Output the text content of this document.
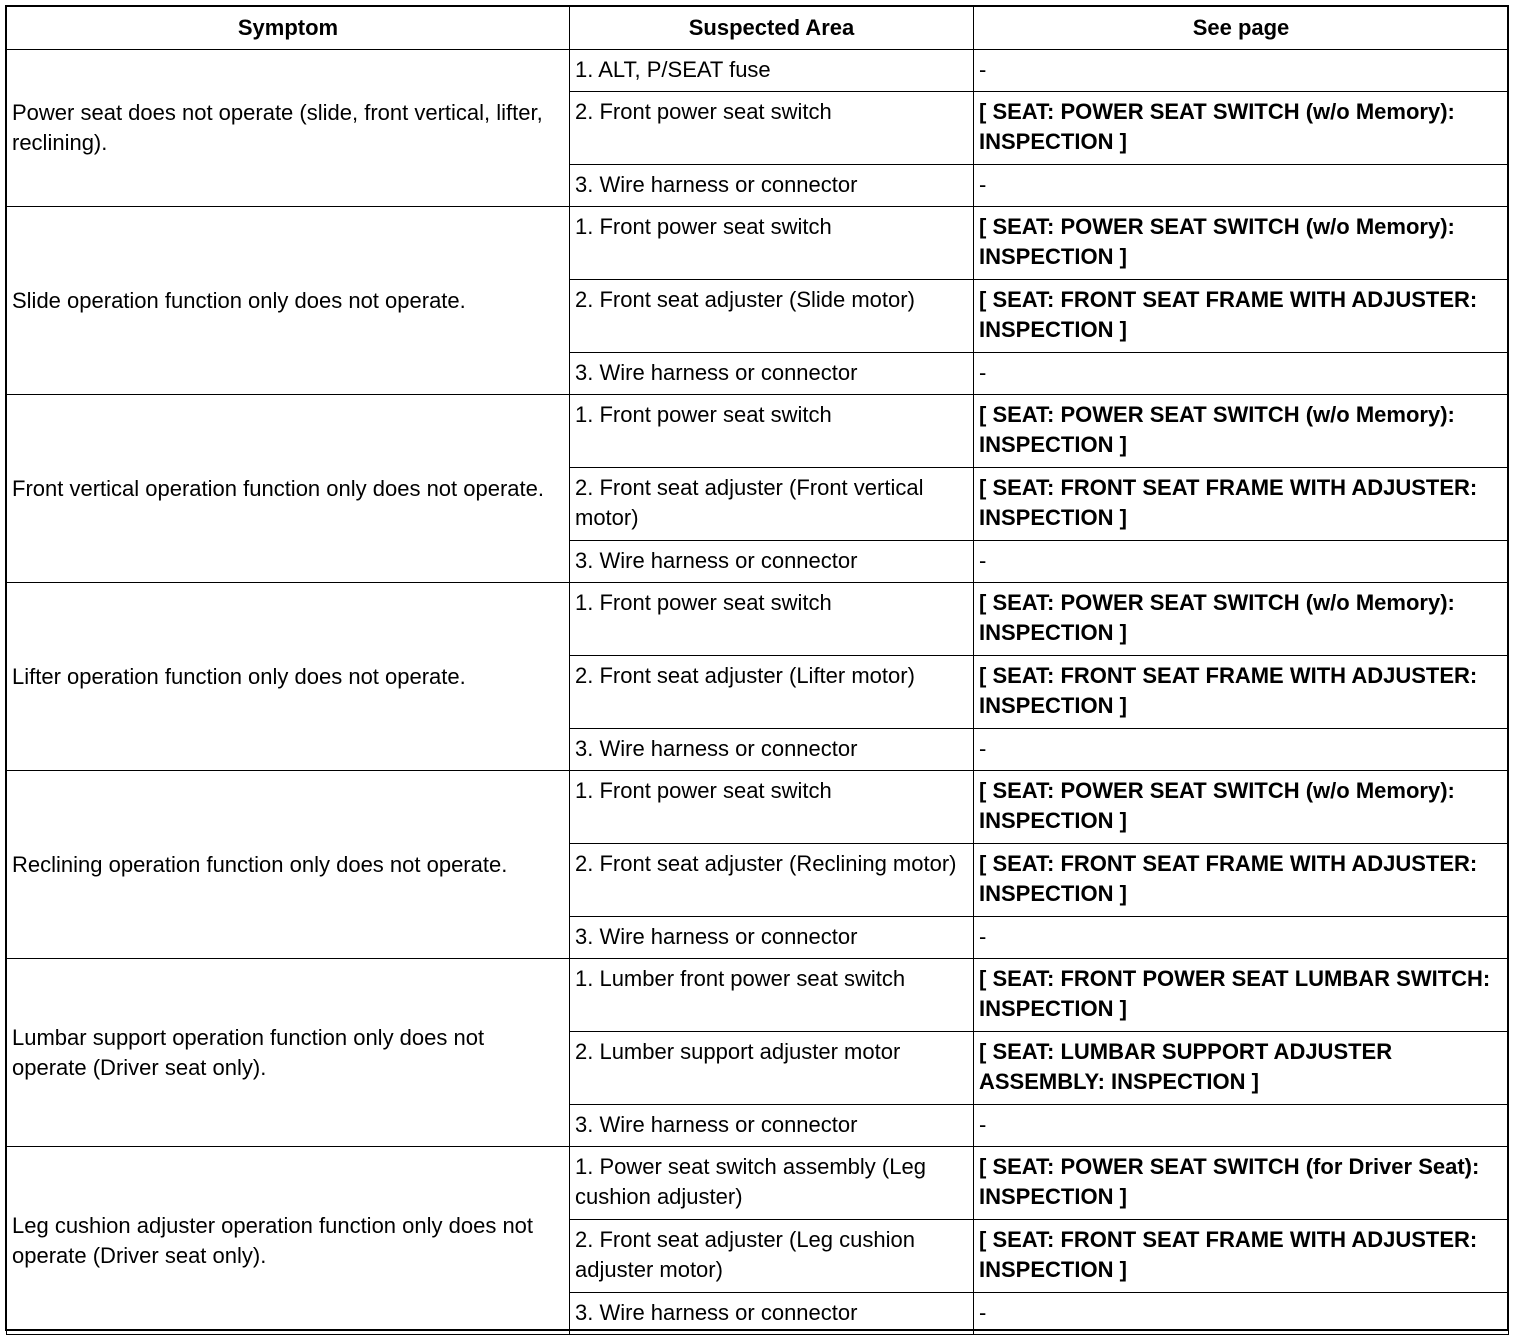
Symptom	Suspected Area	See page
Power seat does not operate (slide, front vertical, lifter, reclining).	1. ALT, P/SEAT fuse	-
	2. Front power seat switch	[ SEAT: POWER SEAT SWITCH (w/o Memory): INSPECTION ]
	3. Wire harness or connector	-
Slide operation function only does not operate.	1. Front power seat switch	[ SEAT: POWER SEAT SWITCH (w/o Memory): INSPECTION ]
	2. Front seat adjuster (Slide motor)	[ SEAT: FRONT SEAT FRAME WITH ADJUSTER: INSPECTION ]
	3. Wire harness or connector	-
Front vertical operation function only does not operate.	1. Front power seat switch	[ SEAT: POWER SEAT SWITCH (w/o Memory): INSPECTION ]
	2. Front seat adjuster (Front vertical motor)	[ SEAT: FRONT SEAT FRAME WITH ADJUSTER: INSPECTION ]
	3. Wire harness or connector	-
Lifter operation function only does not operate.	1. Front power seat switch	[ SEAT: POWER SEAT SWITCH (w/o Memory): INSPECTION ]
	2. Front seat adjuster (Lifter motor)	[ SEAT: FRONT SEAT FRAME WITH ADJUSTER: INSPECTION ]
	3. Wire harness or connector	-
Reclining operation function only does not operate.	1. Front power seat switch	[ SEAT: POWER SEAT SWITCH (w/o Memory): INSPECTION ]
	2. Front seat adjuster (Reclining motor)	[ SEAT: FRONT SEAT FRAME WITH ADJUSTER: INSPECTION ]
	3. Wire harness or connector	-
Lumbar support operation function only does not operate (Driver seat only).	1. Lumber front power seat switch	[ SEAT: FRONT POWER SEAT LUMBAR SWITCH: INSPECTION ]
	2. Lumber support adjuster motor	[ SEAT: LUMBAR SUPPORT ADJUSTER ASSEMBLY: INSPECTION ]
	3. Wire harness or connector	-
Leg cushion adjuster operation function only does not operate (Driver seat only).	1. Power seat switch assembly (Leg cushion adjuster)	[ SEAT: POWER SEAT SWITCH (for Driver Seat): INSPECTION ]
	2. Front seat adjuster (Leg cushion adjuster motor)	[ SEAT: FRONT SEAT FRAME WITH ADJUSTER: INSPECTION ]
	3. Wire harness or connector	-
